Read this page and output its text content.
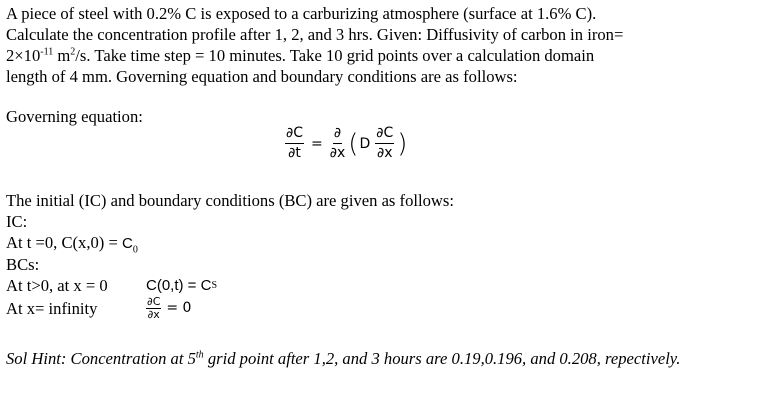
A piece of steel with 0.2% C is exposed to a carburizing atmosphere (surface at 1.6% C).
Calculate the concentration profile after 1, 2, and 3 hrs. Given: Diffusivity of carbon in iron=
$2\times 10^{-11}$ $m^2/s$. Take time step = 10 minutes. Take 10 grid points over a calculation domain
length of 4 mm. Governing equation and boundary conditions are as follows:
Governing equation:
$\frac{\partial C}{\partial t} = \frac{\partial}{\partial x}$ ( D $\frac{\partial C}{\partial x}$ )
The initial (IC) and boundary conditions (BC) are given as follows:
IC:
At t =0, $C(x,0) = C_0$
BCs:
At t>0, at x = 0	C(0,t) = C S
At x= infinity	$\frac{\partial C}{\partial x} = 0$
Sol Hint: Concentration at 5th grid point after 1,2, and 3 hours are 0.19,0.196, and 0.208, repectively.
